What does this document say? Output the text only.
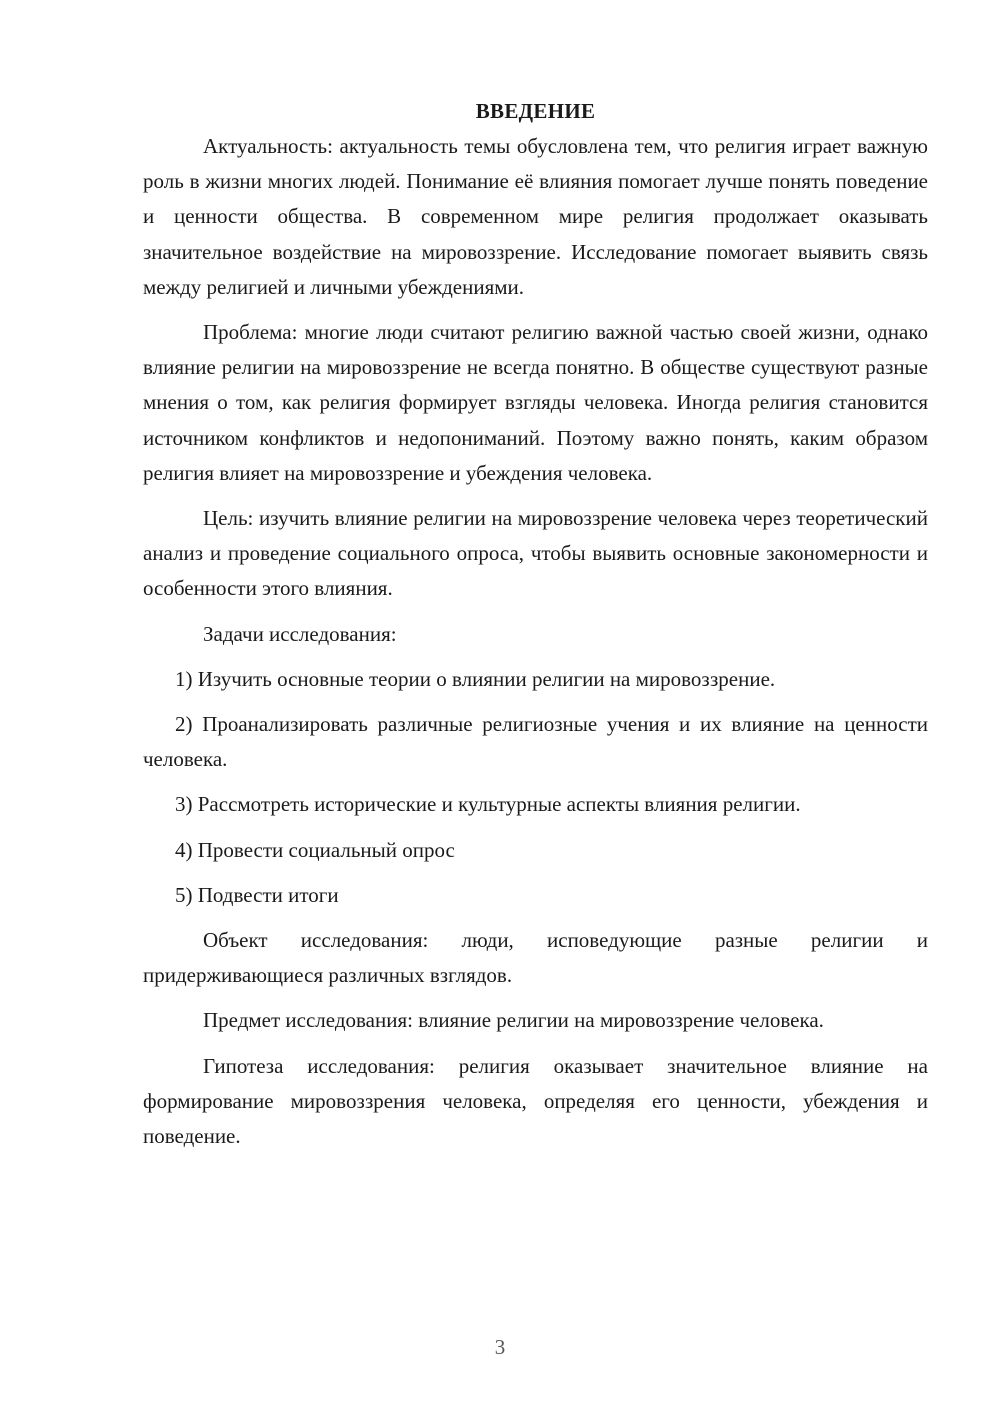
ВВЕДЕНИЕ

Актуальность: актуальность темы обусловлена тем, что религия играет важную роль в жизни многих людей. Понимание её влияния помогает лучше понять поведение и ценности общества. В современном мире религия продолжает оказывать значительное воздействие на мировоззрение. Исследование помогает выявить связь между религией и личными убеждениями.

Проблема: многие люди считают религию важной частью своей жизни, однако влияние религии на мировоззрение не всегда понятно. В обществе существуют разные мнения о том, как религия формирует взгляды человека. Иногда религия становится источником конфликтов и недопониманий. Поэтому важно понять, каким образом религия влияет на мировоззрение и убеждения человека.

Цель: изучить влияние религии на мировоззрение человека через теоретический анализ и проведение социального опроса, чтобы выявить основные закономерности и особенности этого влияния.

Задачи исследования:

1) Изучить основные теории о влиянии религии на мировоззрение.

2) Проанализировать различные религиозные учения и их влияние на ценности человека.

3) Рассмотреть исторические и культурные аспекты влияния религии.

4) Провести социальный опрос

5) Подвести итоги

Объект исследования: люди, исповедующие разные религии и придерживающиеся различных взглядов.

Предмет исследования: влияние религии на мировоззрение человека.

Гипотеза исследования: религия оказывает значительное влияние на формирование мировоззрения человека, определяя его ценности, убеждения и поведение.

3
